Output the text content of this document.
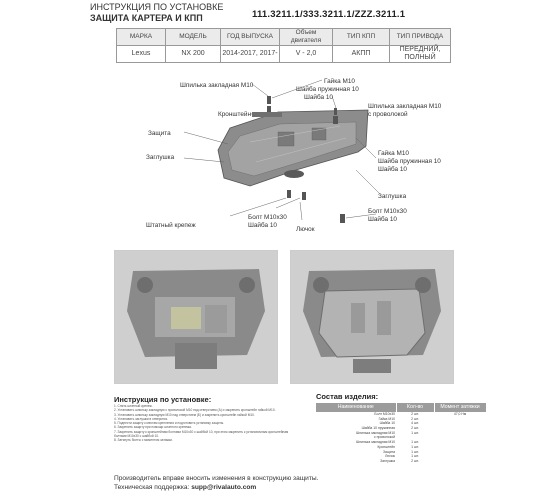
ИНСТРУКЦИЯ ПО УСТАНОВКЕ
ЗАЩИТА КАРТЕРА И КПП	111.3211.1/333.3211.1/ZZZ.3211.1
МАРКА	МОДЕЛЬ	ГОД ВЫПУСКА	Объем двигателя	ТИП КПП	ТИП ПРИВОДА
Lexus	NX 200	2014-2017, 2017-	V - 2,0	АКПП	ПЕРЕДНИЙ, ПОЛНЫЙ
Шпилька закладная М10
Гайка М10
Шайба пружинная 10
Шайба 10
Шпилька закладная М10
с проволокой
Кронштейн
Защита
Заглушка
Гайка М10
Шайба пружинная 10
Шайба 10
Заглушка
Болт М10х30
Шайба 10
Штатный крепеж
Болт М10х30
Шайба 10
Лючок
Инструкция по установке:
1. Снять штатный крепеж.
2. Установить шпильку закладную с проволокой М10 над отверстием (А) и закрепить кронштейн гайкой М10.
3. Установить шпильку закладную М10 над отверстием (Б) и закрепить кронштейн гайкой М10.
4. Установить заглушки в отверстия.
5. Поднести защиту к местам крепления и подготовить установку защиты.
6. Закрепить защиту при помощи штатного крепежа.
7. Закрепить защиту к кронштейнам болтами М10х30 с шайбой 10, при этом закрепить к установочным кронштейнам болтами М10х30 с шайбой 10.
8. Затянуть болты с моментом затяжки.
Состав изделия:
Наименование	Кол-во	Момент затяжки
Болт М10х30	2 шт.	47,0 Нм
Гайка М10	2 шт.	
Шайба 10	4 шт.	
Шайба 10 пружинная	2 шт.	
Шпилька закладная М10	1 шт.	
с проволокой		
Шпилька закладная М10	1 шт.	
Кронштейн	1 шт.	
Защита	1 шт.	
Лючок	1 шт.	
Заглушка	2 шт.	
Производитель вправе вносить изменения в конструкцию защиты.
Техническая поддержка: supp@rivalauto.com
